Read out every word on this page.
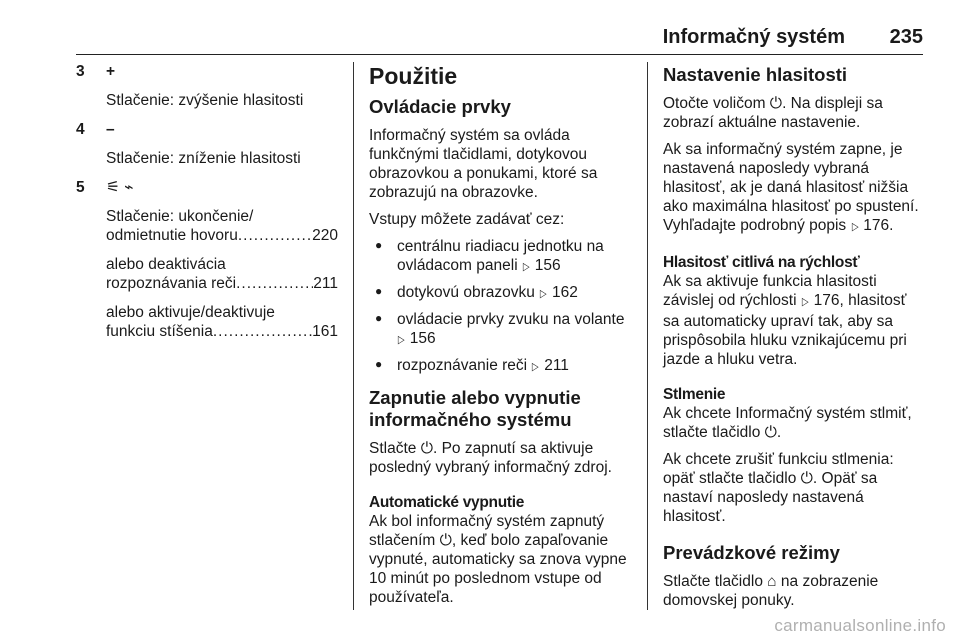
Informačný systém 235
3 +

Stlačenie: zvýšenie hlasitosti

4 –

Stlačenie: zníženie hlasitosti

5 ⚟ ⌁
Stlačenie: ukončenie/
odmietnutie hovoru .....	220
alebo deaktivácia
rozpoznávania reči .....	211
alebo aktivuje/deaktivuje
funkciu stíšenia .....	161
Použitie
Ovládacie prvky

Informačný systém sa ovláda funkčnými tlačidlami, dotykovou obrazovkou a ponukami, ktoré sa zobrazujú na obrazovke.

Vstupy môžete zadávať cez:

● centrálnu riadiacu jednotku na ovládacom paneli ▷ 156
● dotykovú obrazovku ▷ 162
● ovládacie prvky zvuku na volante ▷ 156
● rozpoznávanie reči ▷ 211
Zapnutie alebo vypnutie informačného systému

Stlačte ⏻. Po zapnutí sa aktivuje posledný vybraný informačný zdroj.

Automatické vypnutie

Ak bol informačný systém zapnutý stlačením ⏻, keď bolo zapaľovanie vypnuté, automaticky sa znova vypne 10 minút po poslednom vstupe od používateľa.

Nastavenie hlasitosti

Otočte voličom ⏻. Na displeji sa zobrazí aktuálne nastavenie.

Ak sa informačný systém zapne, je nastavená naposledy vybraná hlasitosť, ak je daná hlasitosť nižšia ako maximálna hlasitosť po spustení. Vyhľadajte podrobný popis ▷ 176.

Hlasitosť citlivá na rýchlosť

Ak sa aktivuje funkcia hlasitosti závislej od rýchlosti ▷ 176, hlasitosť sa automaticky upraví tak, aby sa prispôsobila hluku vznikajúcemu pri jazde a hluku vetra.

Stlmenie

Ak chcete Informačný systém stlmiť, stlačte tlačidlo ⏻.

Ak chcete zrušiť funkciu stlmenia: opäť stlačte tlačidlo ⏻. Opäť sa nastaví naposledy nastavená hlasitosť.

Prevádzkové režimy

Stlačte tlačidlo ⌂ na zobrazenie domovskej ponuky.

carmanualsonline.info
